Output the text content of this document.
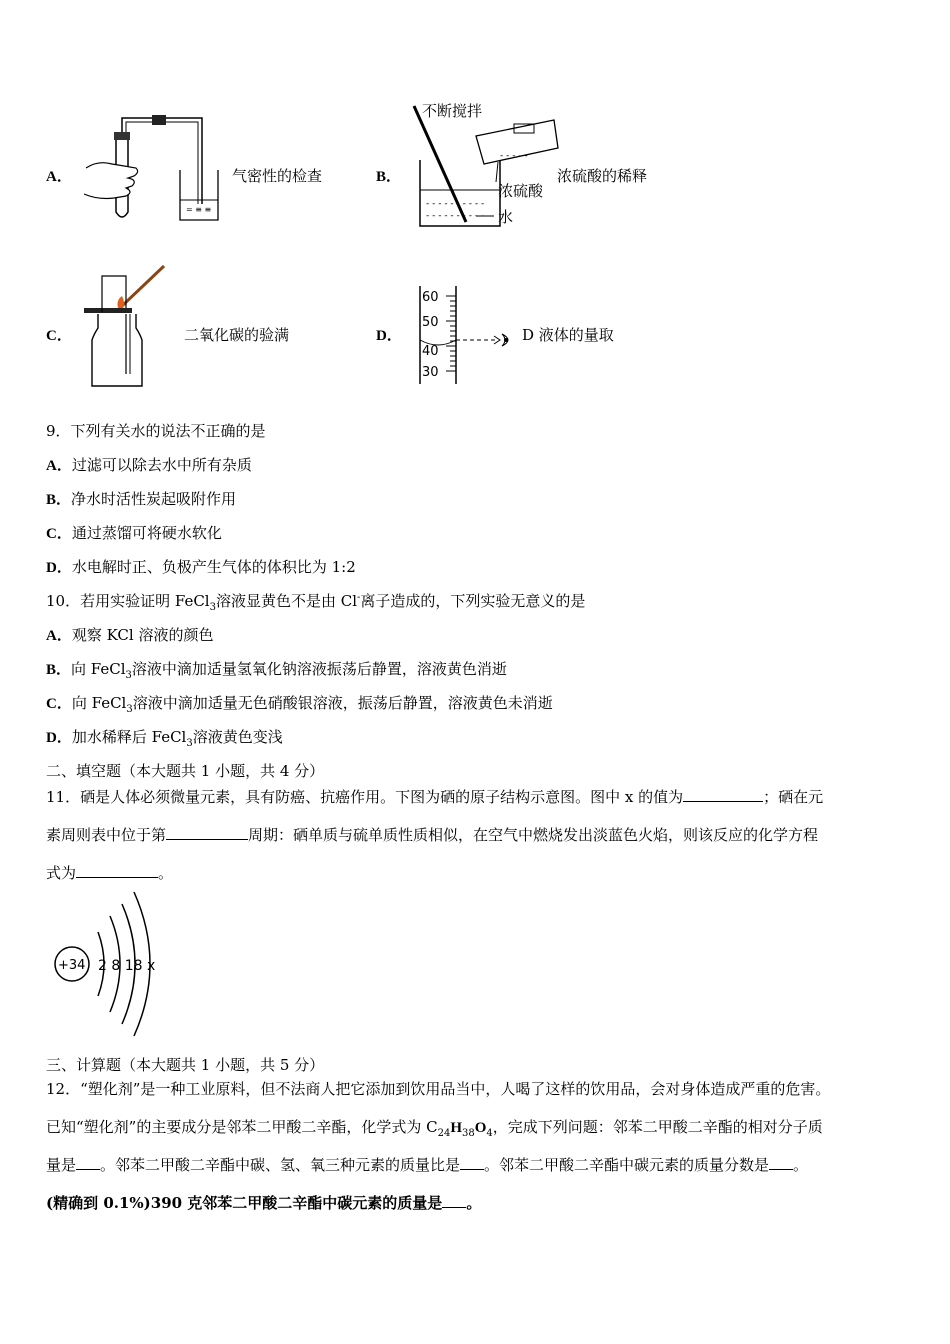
A．
= ≡ ≡
气密性的检查	B．
不断搅拌
- - - - - - - - - -
- - - - - - - - - -
- - - - -
浓硫酸
水
浓硫酸的稀释
C．	二氧化碳的验满	D．
60
50
40
30
D 液体的量取
9．下列有关水的说法不正确的是
A．过滤可以除去水中所有杂质
B．净水时活性炭起吸附作用
C．通过蒸馏可将硬水软化
D．水电解时正、负极产生气体的体积比为 1:2
10．若用实验证明 FeCl$_3$溶液显黄色不是由 Cl-离子造成的，下列实验无意义的是
A．观察 KCl 溶液的颜色
B．向 FeCl$_3$溶液中滴加适量氢氧化钠溶液振荡后静置，溶液黄色消逝
C．向 FeCl$_3$溶液中滴加适量无色硝酸银溶液，振荡后静置，溶液黄色未消逝
D．加水稀释后 FeCl$_3$溶液黄色变浅
二、填空题（本大题共 1 小题，共 4 分）
11．硒是人体必须微量元素，具有防癌、抗癌作用。下图为硒的原子结构示意图。图中 x 的值为	；硒在元
素周则表中位于第	周期：硒单质与硫单质性质相似，在空气中燃烧发出淡蓝色火焰，则该反应的化学方程
式为	。
+34 2 8 18 x
三、计算题（本大题共 1 小题，共 5 分）
12．“塑化剂”是一种工业原料，但不法商人把它添加到饮用品当中，人喝了这样的饮用品，会对身体造成严重的危害。
已知“塑化剂”的主要成分是邻苯二甲酸二辛酯，化学式为 $C_{24}H_{38}O_4$，完成下列问题：邻苯二甲酸二辛酯的相对分子质
量是 。邻苯二甲酸二辛酯中碳、氢、氧三种元素的质量比是 。邻苯二甲酸二辛酯中碳元素的质量分数是 。
(精确到 0.1%)390 克邻苯二甲酸二辛酯中碳元素的质量是 。
